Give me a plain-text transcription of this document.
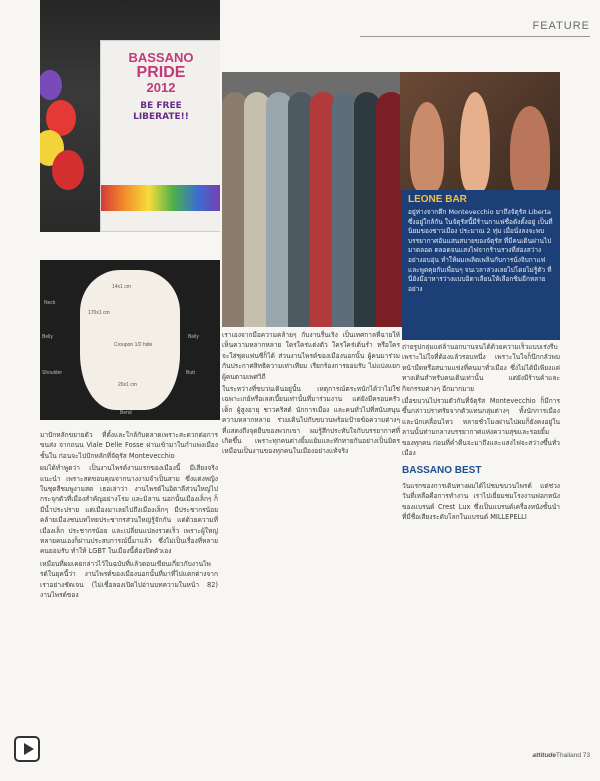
FEATURE
BASSANO
PRIDE
2012
BE FREE LIBERATE!!
14x1 cm
170x1 cm
Croupon 1/2 hide
20x1 cm
Neck
Belly	Belly
Shoulder	Butt
Bend
LEONE BAR

อยู่ห่างจากตึก Montevecchio มาถึงจัตุรัส Liberta ซึ่งอยู่ใกล้กัน ในจัตุรัสนี้มีร้านกาแฟชื่อดังตั้งอยู่ เป็นที่นิยมของชาวเมือง ประมาณ 2 ทุ่ม เมื่อนั่งลงจะพบบรรยากาศอันแสนสบายของจัตุรัส ที่มีคนเดินผ่านไปมาตลอด ตลอดจนแสงไฟจากร้านรวงที่ส่องสว่างอย่างอบอุ่น ทำให้ผมเพลิดเพลินกับการนั่งจิบกาแฟและพูดคุยกับเพื่อนๆ จนเวลาล่วงเลยไปโดยไม่รู้ตัว ที่นี่ยังมีอาหารว่างแบบอิตาเลียนให้เลือกชิมอีกหลายอย่าง

มาปักหลักขยายตัว ที่ตั้งและใกล้กับตลาดเพราะสะดวกต่อการขนส่ง จากถนน Viale Delle Fosse ผ่านเข้ามาในกำแพงเมืองชั้นใน ก่อนจะไปปักหลักที่จัตุรัส Montevecchio

ผมได้ทำพูดว่า เป็นงานไพรด์งานแรกของเมืองนี้ มีเสียงจริงแนะนำ เพราะสดขอบคุณจากนางงามจำเป็นสาม ซึ่งแต่งหญิงในชุดสีชมพูงามสด เธอเล่าว่า งานไพรด์ในอิตาลีส่วนใหญ่ไปกระจุกตัวที่เมืองสำคัญอย่างโรม และมิลาน นอกนั้นเมืองเล็กๆ ก็มีน้ำประปราย แต่เมืองมาเลยไปถึงเมืองเล็กๆ มีประชากรน้อย คล้ายเมืองชนบทไทยประชากรส่วนใหญ่รู้จักกัน แต่ด้วยความที่เมืองเล็ก ประชากรน้อย และเปลี่ยนแปลงรวดเร็ว เพราะผู้ใหญ่หลายคนเองก็ผ่านประสบการณ์นี้มาแล้ว ซึ่งไม่เป็นเรื่องที่หลายคนยอมรับ ทำให้ LGBT ในเมืองนี้ต้องปิดตัวเอง

เหมือนที่ผมเคยกล่าวไว้ในฉบับที่แล้วตอนเขียนเกี่ยวกับงานไพรด์ในยุคนี้ว่า งานไพรด์ของเมืองนอกนั้นที่มาที่ไปแตกต่างจากเราอย่างชัดเจน (ไม่เชื่อลองเปิดไปอ่านบทความในหน้า 82) งานไพรด์ของ

เราเองจากมือความคล้ายๆ กับงานรื่นเริง เป็นเทศกาลที่ฉายให้เห็นความหลากหลาย ใครใคร่แต่งตัว ใครใคร่เต้นรำ หรือใครจะใส่ชุดแฟนซีก็ได้ ส่วนงานไพรด์ของเมืองนอกนั้น ผู้คนมาร่วมกันประกาศสิทธิความเท่าเทียม เรียกร้องการยอมรับ ไม่แบ่งแยกผู้คนตามเพศวิถี

ในระหว่างที่ขบวนเดินอยู่นั้น เหตุการณ์ตระหนักได้ว่าไม่ใช่เฉพาะเกย์หรือเลสเบี้ยนเท่านั้นที่มาร่วมงาน แต่ยังมีครอบครัว เด็ก ผู้สูงอายุ ชาวคริสต์ นักการเมือง และคนทั่วไปที่สนับสนุนความหลากหลาย ร่วมเดินไปกับขบวนพร้อมป้ายข้อความต่างๆ ที่แสดงถึงจุดยืนของพวกเขา ผมรู้สึกประทับใจกับบรรยากาศที่เกิดขึ้น เพราะทุกคนต่างยิ้มแย้มและทักทายกันอย่างเป็นมิตร เหมือนเป็นงานของทุกคนในเมืองอย่างแท้จริง

ถ่ายรูปกลุ่มแต่ล้านอกบานจนได้ด้วยความเร็วแบบเร่งรีบ เพราะไม่ใจที่ต้องแล้วรอบหนึ่ง เพราะในใจก็นึกกลัวพบหน้ามืดหรือสนามแข่งที่คนมาทั่วเมือง ซึ่งไม่ได้มีเพียงแค่ทางเดินสำหรับคนเดินเท่านั้น แต่ยังมีร้านค้าและกิจกรรมต่างๆ อีกมากมาย

เมื่อขบวนไปรวมตัวกันที่จัตุรัส Montevecchio ก็มีการขึ้นกล่าวปราศรัยจากตัวแทนกลุ่มต่างๆ ทั้งนักการเมืองและนักเคลื่อนไหว หลายชั่วโมงผ่านไปผมก็ยังคงอยู่ในลานนั้นท่ามกลางบรรยากาศแห่งความสุขและรอยยิ้มของทุกคน ก่อนที่ค่ำคืนจะมาถึงและแสงไฟจะสว่างขึ้นทั่วเมือง

BASSANO BEST

วันแรกของการเดินทางผมได้ไปชมขบวนไพรด์ แต่ช่วงวันที่เหลือคือการทำงาน เราไปเยี่ยมชมโรงงานฟอกหนังของแบรนด์ Crest Lux ซึ่งเป็นแบรนด์เครื่องหนังชั้นนำ ที่มีชื่อเสียงระดับโลกในแบรนด์ MILLEPELLI

attitudeThailand 73
